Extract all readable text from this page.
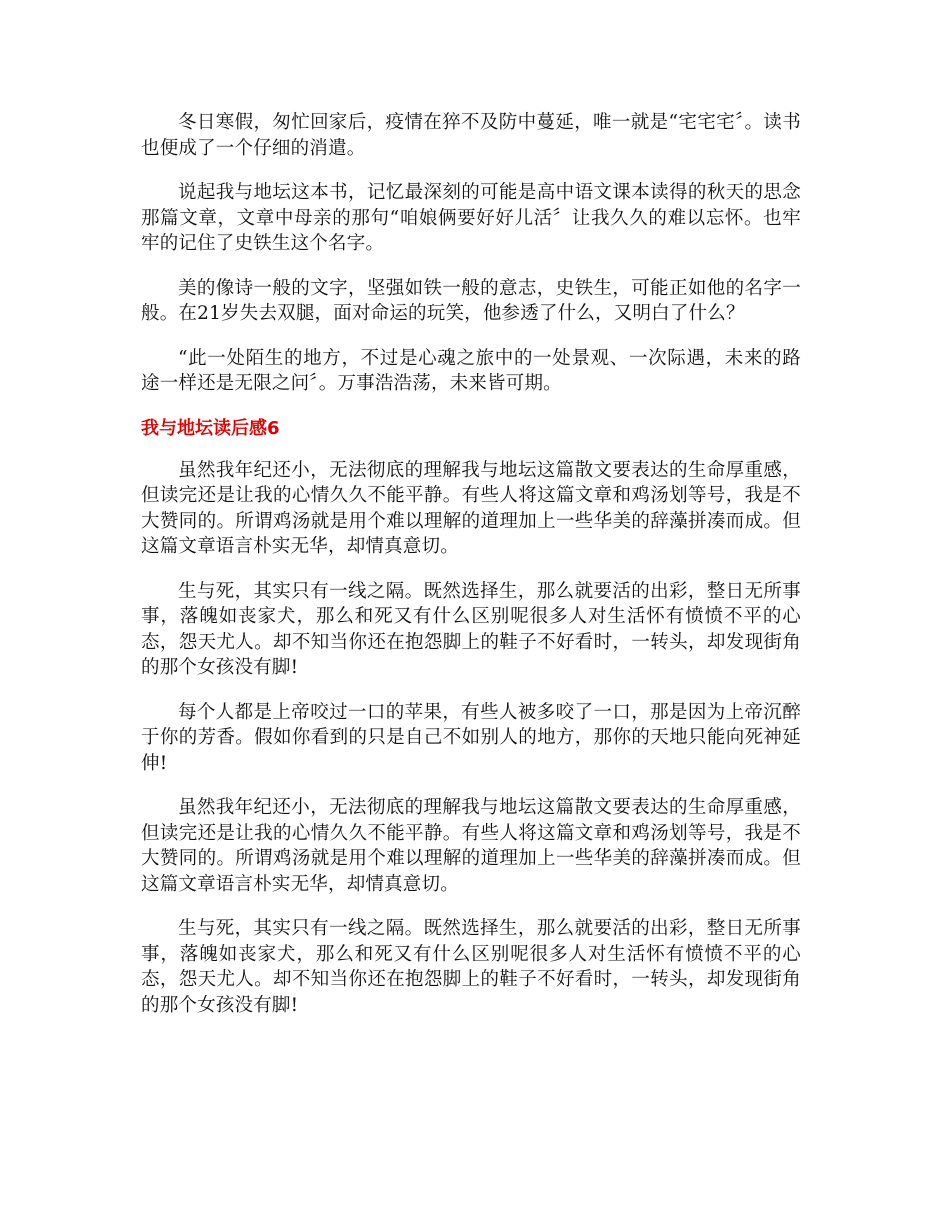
冬日寒假，匆忙回家后，疫情在猝不及防中蔓延，唯一就是“宅宅宅〞。读书也便成了一个仔细的消遣。

说起我与地坛这本书，记忆最深刻的可能是高中语文课本读得的秋天的思念那篇文章，文章中母亲的那句“咱娘俩要好好儿活〞让我久久的难以忘怀。也牢牢的记住了史铁生这个名字。

美的像诗一般的文字，坚强如铁一般的意志，史铁生，可能正如他的名字一般。在21岁失去双腿，面对命运的玩笑，他参透了什么，又明白了什么？

“此一处陌生的地方，不过是心魂之旅中的一处景观、一次际遇，未来的路途一样还是无限之问〞。万事浩浩荡，未来皆可期。

我与地坛读后感6

虽然我年纪还小，无法彻底的理解我与地坛这篇散文要表达的生命厚重感，但读完还是让我的心情久久不能平静。有些人将这篇文章和鸡汤划等号，我是不大赞同的。所谓鸡汤就是用个难以理解的道理加上一些华美的辞藻拼凑而成。但这篇文章语言朴实无华，却情真意切。

生与死，其实只有一线之隔。既然选择生，那么就要活的出彩，整日无所事事，落魄如丧家犬，那么和死又有什么区别呢很多人对生活怀有愤愤不平的心态，怨天尤人。却不知当你还在抱怨脚上的鞋子不好看时，一转头，却发现街角的那个女孩没有脚!

每个人都是上帝咬过一口的苹果，有些人被多咬了一口，那是因为上帝沉醉于你的芳香。假如你看到的只是自己不如别人的地方，那你的天地只能向死神延伸!

虽然我年纪还小，无法彻底的理解我与地坛这篇散文要表达的生命厚重感，但读完还是让我的心情久久不能平静。有些人将这篇文章和鸡汤划等号，我是不大赞同的。所谓鸡汤就是用个难以理解的道理加上一些华美的辞藻拼凑而成。但这篇文章语言朴实无华，却情真意切。

生与死，其实只有一线之隔。既然选择生，那么就要活的出彩，整日无所事事，落魄如丧家犬，那么和死又有什么区别呢很多人对生活怀有愤愤不平的心态，怨天尤人。却不知当你还在抱怨脚上的鞋子不好看时，一转头，却发现街角的那个女孩没有脚!
